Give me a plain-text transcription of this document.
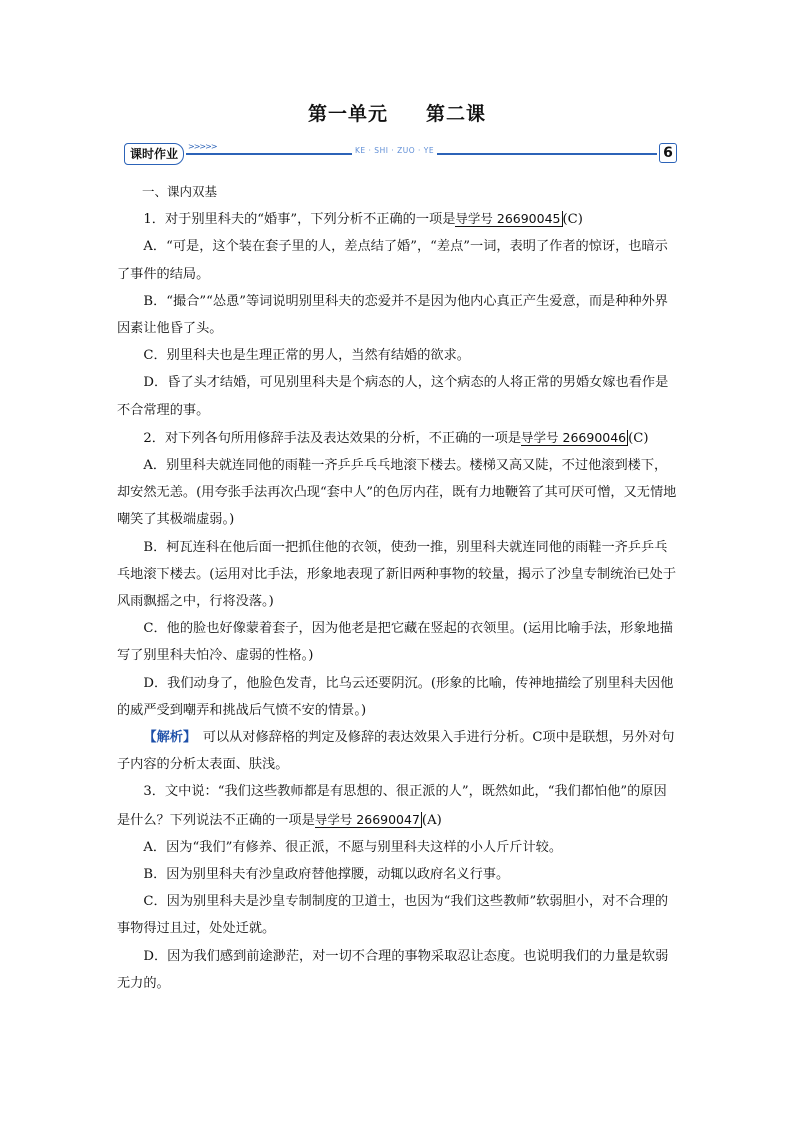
第一单元 第二课
课时作业
>>>>>	KE · SHI · ZUO · YE	6

一、课内双基

1．对于别里科夫的“婚事”，下列分析不正确的一项是导学号 26690045 (C)

A．“可是，这个装在套子里的人，差点结了婚”，“差点”一词，表明了作者的惊讶，也暗示了事件的结局。

B．“撮合”“怂恿”等词说明别里科夫的恋爱并不是因为他内心真正产生爱意，而是种种外界因素让他昏了头。

C．别里科夫也是生理正常的男人，当然有结婚的欲求。

D．昏了头才结婚，可见别里科夫是个病态的人，这个病态的人将正常的男婚女嫁也看作是不合常理的事。

2．对下列各句所用修辞手法及表达效果的分析，不正确的一项是导学号 26690046 (C)

A．别里科夫就连同他的雨鞋一齐乒乒乓乓地滚下楼去。楼梯又高又陡，不过他滚到楼下，却安然无恙。(用夸张手法再次凸现“套中人”的色厉内荏，既有力地鞭笞了其可厌可憎，又无情地嘲笑了其极端虚弱。)

B．柯瓦连科在他后面一把抓住他的衣领，使劲一推，别里科夫就连同他的雨鞋一齐乒乒乓乓地滚下楼去。(运用对比手法，形象地表现了新旧两种事物的较量，揭示了沙皇专制统治已处于风雨飘摇之中，行将没落。)

C．他的脸也好像蒙着套子，因为他老是把它藏在竖起的衣领里。(运用比喻手法，形象地描写了别里科夫怕冷、虚弱的性格。)

D．我们动身了，他脸色发青，比乌云还要阴沉。(形象的比喻，传神地描绘了别里科夫因他的威严受到嘲弄和挑战后气愤不安的情景。)

【解析】　可以从对修辞格的判定及修辞的表达效果入手进行分析。C项中是联想，另外对句子内容的分析太表面、肤浅。

3．文中说：“我们这些教师都是有思想的、很正派的人”，既然如此，“我们都怕他”的原因是什么？下列说法不正确的一项是导学号 26690047 (A)

A．因为“我们”有修养、很正派，不愿与别里科夫这样的小人斤斤计较。

B．因为别里科夫有沙皇政府替他撑腰，动辄以政府名义行事。

C．因为别里科夫是沙皇专制制度的卫道士，也因为“我们这些教师”软弱胆小，对不合理的事物得过且过，处处迁就。

D．因为我们感到前途渺茫，对一切不合理的事物采取忍让态度。也说明我们的力量是软弱无力的。
